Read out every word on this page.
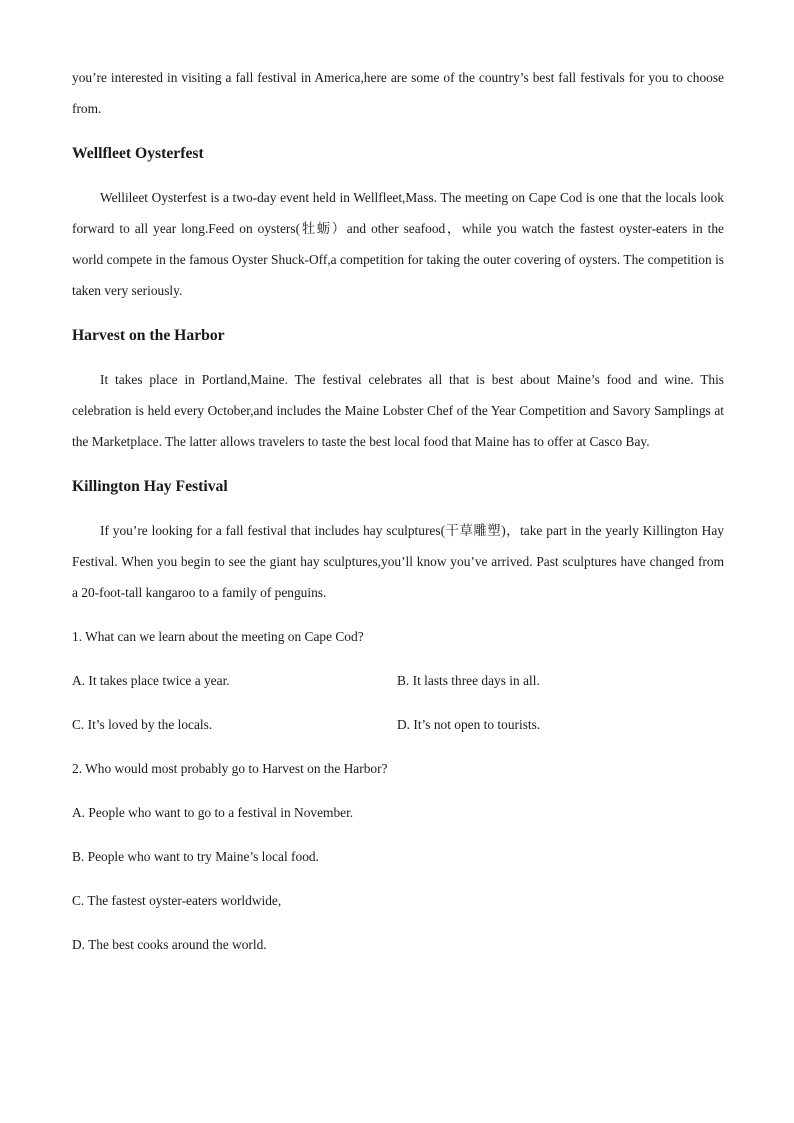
you’re interested in visiting a fall festival in America,here are some of the country’s best fall festivals for you to choose from.

Wellfleet Oysterfest

Wellileet Oysterfest is a two-day event held in Wellfleet,Mass. The meeting on Cape Cod is one that the locals look forward to all year long.Feed on oysters(牡蛎）and other seafood，while you watch the fastest oyster-eaters in the world compete in the famous Oyster Shuck-Off,a competition for taking the outer covering of oysters. The competition is taken very seriously.

Harvest on the Harbor

It takes place in Portland,Maine. The festival celebrates all that is best about Maine’s food and wine. This celebration is held every October,and includes the Maine Lobster Chef of the Year Competition and Savory Samplings at the Marketplace. The latter allows travelers to taste the best local food that Maine has to offer at Casco Bay.

Killington Hay Festival

If you’re looking for a fall festival that includes hay sculptures(干草雕塑)，take part in the yearly Killington Hay Festival. When you begin to see the giant hay sculptures,you’ll know you’ve arrived. Past sculptures have changed from a 20-foot-tall kangaroo to a family of penguins.

1. What can we learn about the meeting on Cape Cod?

A. It takes place twice a year.	B. It lasts three days in all.
C. It’s loved by the locals.	D. It’s not open to tourists.

2. Who would most probably go to Harvest on the Harbor?

A. People who want to go to a festival in November.

B. People who want to try Maine’s local food.

C. The fastest oyster-eaters worldwide,

D. The best cooks around the world.
